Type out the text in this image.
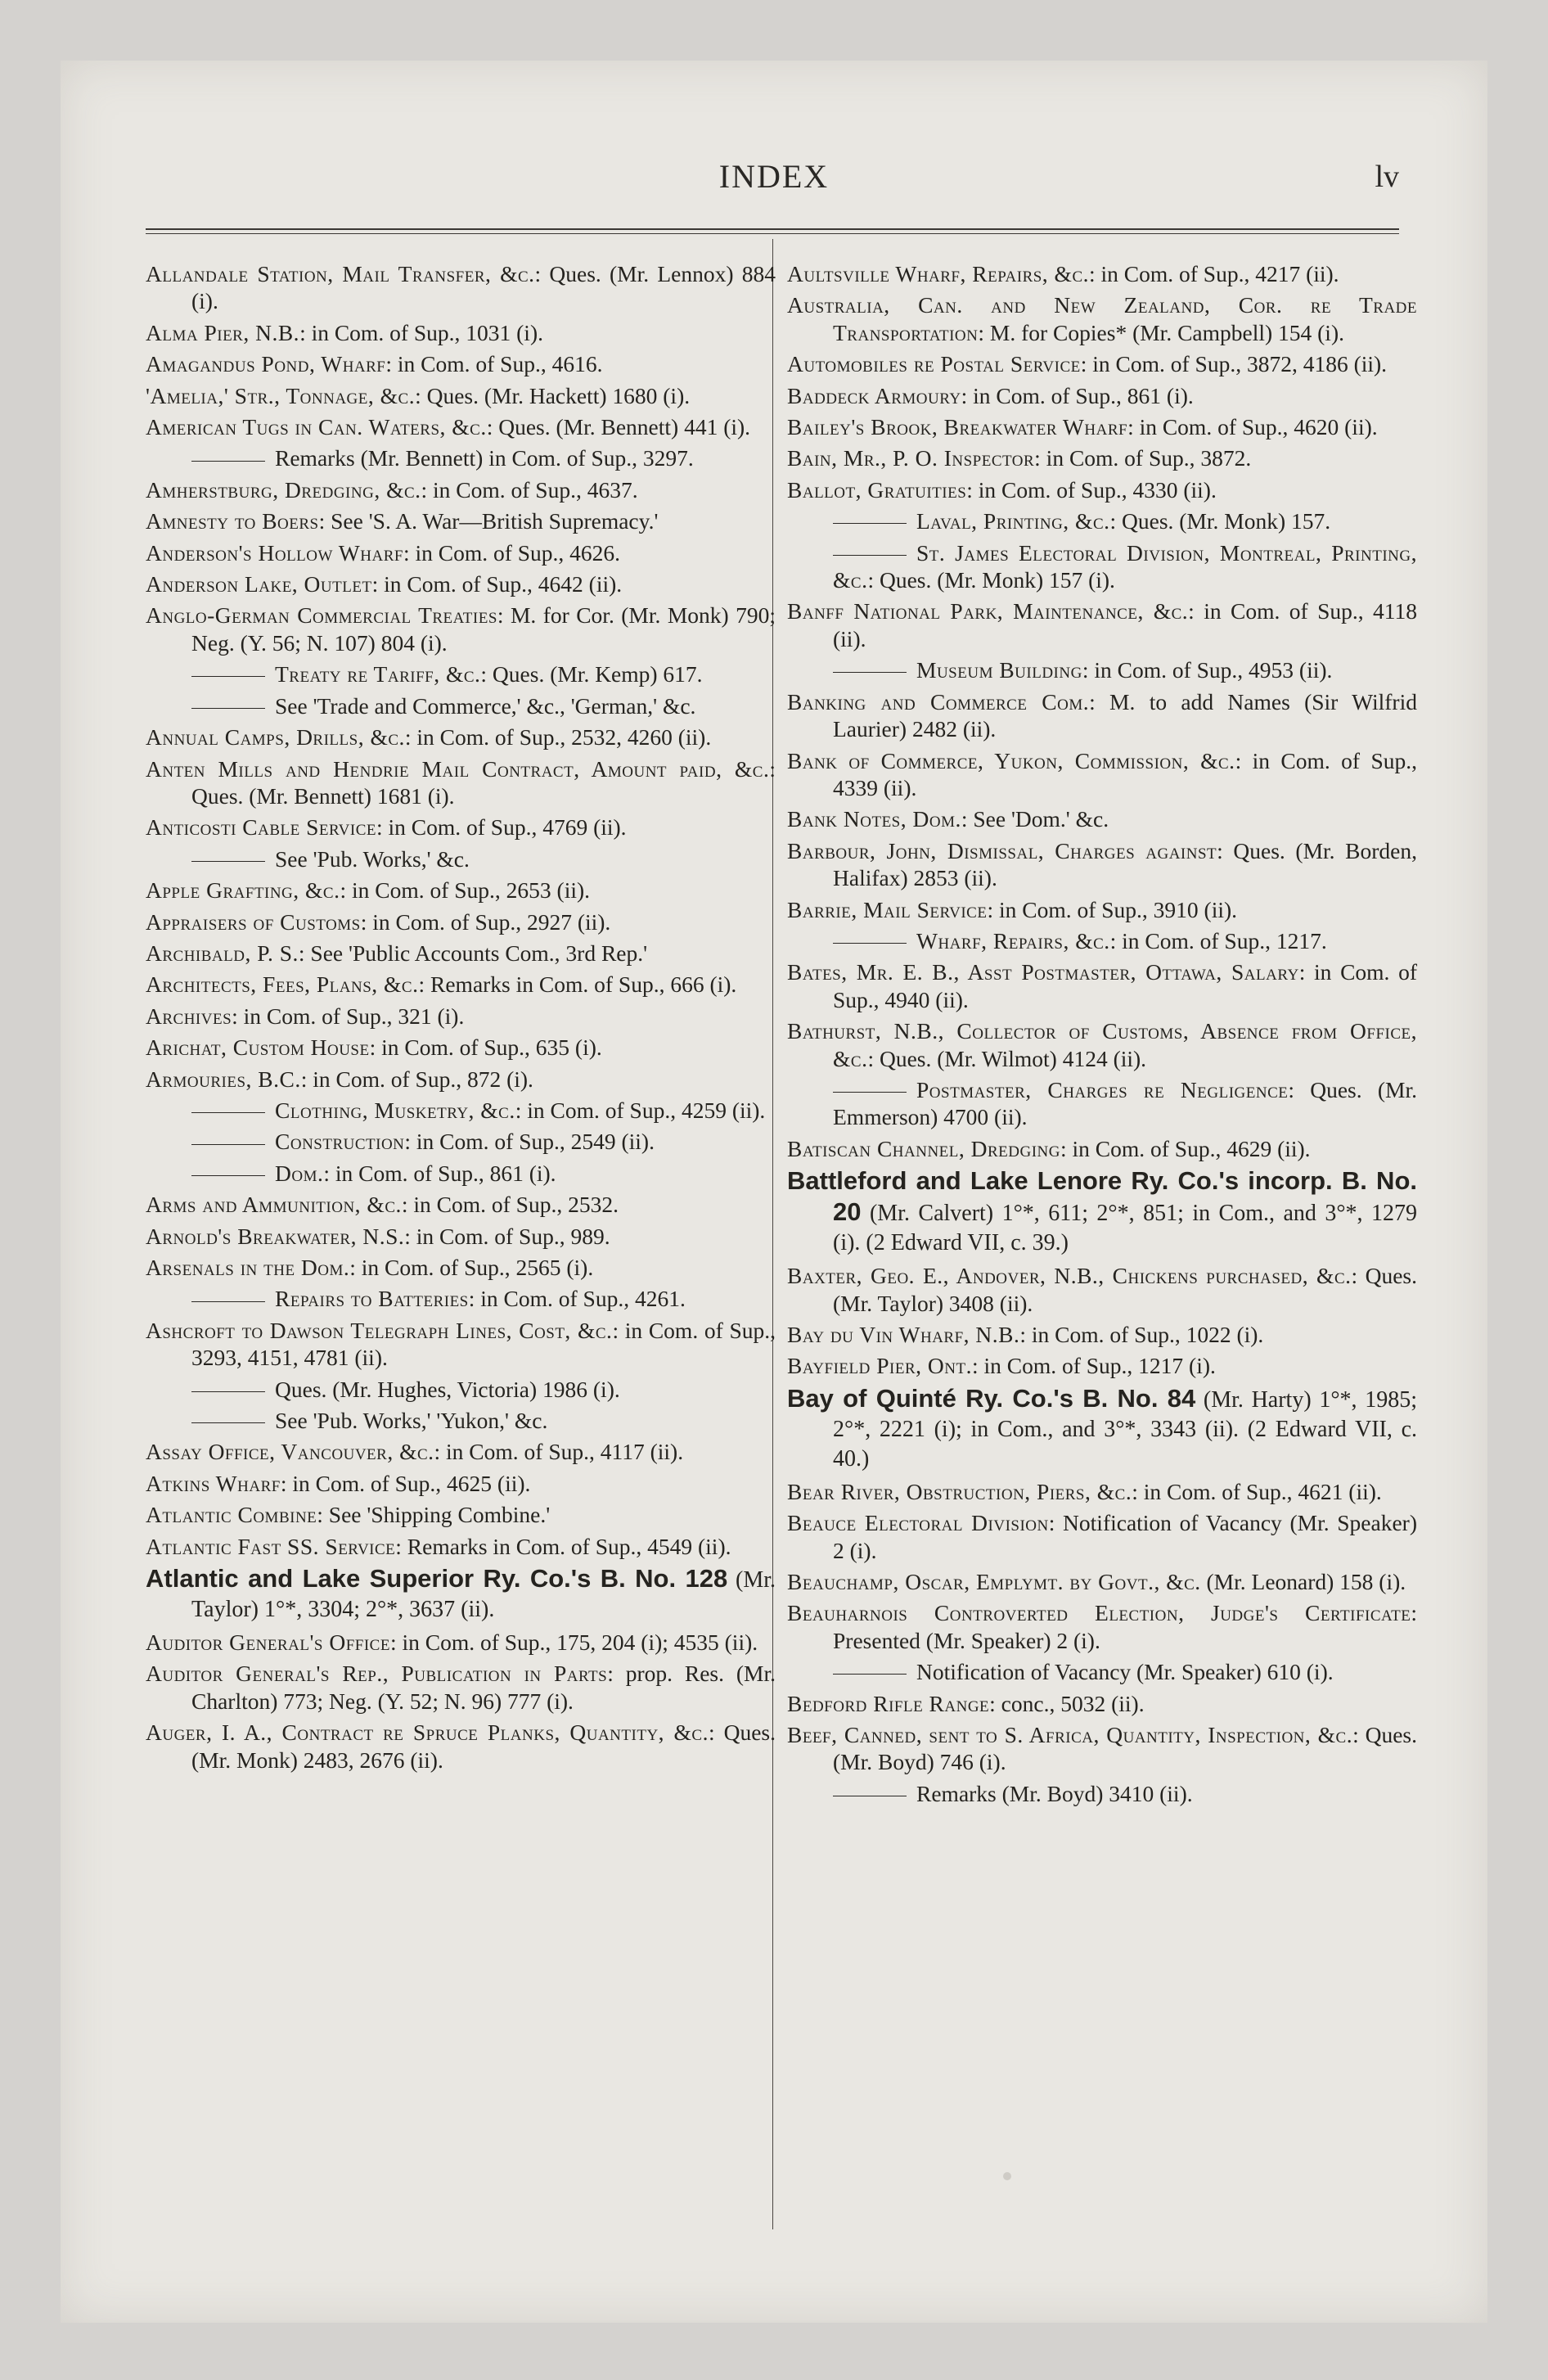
INDEX	lv

Allandale Station, Mail Transfer, &c.: Ques. (Mr. Lennox) 884 (i).

Alma Pier, N.B.: in Com. of Sup., 1031 (i).

Amagandus Pond, Wharf: in Com. of Sup., 4616.

'Amelia,' Str., Tonnage, &c.: Ques. (Mr. Hackett) 1680 (i).

American Tugs in Can. Waters, &c.: Ques. (Mr. Bennett) 441 (i).

Remarks (Mr. Bennett) in Com. of Sup., 3297.

Amherstburg, Dredging, &c.: in Com. of Sup., 4637.

Amnesty to Boers: See 'S. A. War—British Supremacy.'

Anderson's Hollow Wharf: in Com. of Sup., 4626.

Anderson Lake, Outlet: in Com. of Sup., 4642 (ii).

Anglo-German Commercial Treaties: M. for Cor. (Mr. Monk) 790; Neg. (Y. 56; N. 107) 804 (i).

Treaty re Tariff, &c.: Ques. (Mr. Kemp) 617.

See 'Trade and Commerce,' &c., 'German,' &c.

Annual Camps, Drills, &c.: in Com. of Sup., 2532, 4260 (ii).

Anten Mills and Hendrie Mail Contract, Amount paid, &c.: Ques. (Mr. Bennett) 1681 (i).

Anticosti Cable Service: in Com. of Sup., 4769 (ii).

See 'Pub. Works,' &c.

Apple Grafting, &c.: in Com. of Sup., 2653 (ii).

Appraisers of Customs: in Com. of Sup., 2927 (ii).

Archibald, P. S.: See 'Public Accounts Com., 3rd Rep.'

Architects, Fees, Plans, &c.: Remarks in Com. of Sup., 666 (i).

Archives: in Com. of Sup., 321 (i).

Arichat, Custom House: in Com. of Sup., 635 (i).

Armouries, B.C.: in Com. of Sup., 872 (i).

Clothing, Musketry, &c.: in Com. of Sup., 4259 (ii).

Construction: in Com. of Sup., 2549 (ii).

Dom.: in Com. of Sup., 861 (i).

Arms and Ammunition, &c.: in Com. of Sup., 2532.

Arnold's Breakwater, N.S.: in Com. of Sup., 989.

Arsenals in the Dom.: in Com. of Sup., 2565 (i).

Repairs to Batteries: in Com. of Sup., 4261.

Ashcroft to Dawson Telegraph Lines, Cost, &c.: in Com. of Sup., 3293, 4151, 4781 (ii).

Ques. (Mr. Hughes, Victoria) 1986 (i).

See 'Pub. Works,' 'Yukon,' &c.

Assay Office, Vancouver, &c.: in Com. of Sup., 4117 (ii).

Atkins Wharf: in Com. of Sup., 4625 (ii).

Atlantic Combine: See 'Shipping Combine.'

Atlantic Fast SS. Service: Remarks in Com. of Sup., 4549 (ii).

Atlantic and Lake Superior Ry. Co.'s B. No. 128 (Mr. Taylor) 1°*, 3304; 2°*, 3637 (ii).

Auditor General's Office: in Com. of Sup., 175, 204 (i); 4535 (ii).

Auditor General's Rep., Publication in Parts: prop. Res. (Mr. Charlton) 773; Neg. (Y. 52; N. 96) 777 (i).

Auger, I. A., Contract re Spruce Planks, Quantity, &c.: Ques. (Mr. Monk) 2483, 2676 (ii).

Aultsville Wharf, Repairs, &c.: in Com. of Sup., 4217 (ii).

Australia, Can. and New Zealand, Cor. re Trade Transportation: M. for Copies* (Mr. Campbell) 154 (i).

Automobiles re Postal Service: in Com. of Sup., 3872, 4186 (ii).

Baddeck Armoury: in Com. of Sup., 861 (i).

Bailey's Brook, Breakwater Wharf: in Com. of Sup., 4620 (ii).

Bain, Mr., P. O. Inspector: in Com. of Sup., 3872.

Ballot, Gratuities: in Com. of Sup., 4330 (ii).

Laval, Printing, &c.: Ques. (Mr. Monk) 157.

St. James Electoral Division, Montreal, Printing, &c.: Ques. (Mr. Monk) 157 (i).

Banff National Park, Maintenance, &c.: in Com. of Sup., 4118 (ii).

Museum Building: in Com. of Sup., 4953 (ii).

Banking and Commerce Com.: M. to add Names (Sir Wilfrid Laurier) 2482 (ii).

Bank of Commerce, Yukon, Commission, &c.: in Com. of Sup., 4339 (ii).

Bank Notes, Dom.: See 'Dom.' &c.

Barbour, John, Dismissal, Charges against: Ques. (Mr. Borden, Halifax) 2853 (ii).

Barrie, Mail Service: in Com. of Sup., 3910 (ii).

Wharf, Repairs, &c.: in Com. of Sup., 1217.

Bates, Mr. E. B., Asst Postmaster, Ottawa, Salary: in Com. of Sup., 4940 (ii).

Bathurst, N.B., Collector of Customs, Absence from Office, &c.: Ques. (Mr. Wilmot) 4124 (ii).

Postmaster, Charges re Negligence: Ques. (Mr. Emmerson) 4700 (ii).

Batiscan Channel, Dredging: in Com. of Sup., 4629 (ii).

Battleford and Lake Lenore Ry. Co.'s incorp. B. No. 20 (Mr. Calvert) 1°*, 611; 2°*, 851; in Com., and 3°*, 1279 (i). (2 Edward VII, c. 39.)

Baxter, Geo. E., Andover, N.B., Chickens purchased, &c.: Ques. (Mr. Taylor) 3408 (ii).

Bay du Vin Wharf, N.B.: in Com. of Sup., 1022 (i).

Bayfield Pier, Ont.: in Com. of Sup., 1217 (i).

Bay of Quinté Ry. Co.'s B. No. 84 (Mr. Harty) 1°*, 1985; 2°*, 2221 (i); in Com., and 3°*, 3343 (ii). (2 Edward VII, c. 40.)

Bear River, Obstruction, Piers, &c.: in Com. of Sup., 4621 (ii).

Beauce Electoral Division: Notification of Vacancy (Mr. Speaker) 2 (i).

Beauchamp, Oscar, Emplymt. by Govt., &c. (Mr. Leonard) 158 (i).

Beauharnois Controverted Election, Judge's Certificate: Presented (Mr. Speaker) 2 (i).

Notification of Vacancy (Mr. Speaker) 610 (i).

Bedford Rifle Range: conc., 5032 (ii).

Beef, Canned, sent to S. Africa, Quantity, Inspection, &c.: Ques. (Mr. Boyd) 746 (i).

Remarks (Mr. Boyd) 3410 (ii).
